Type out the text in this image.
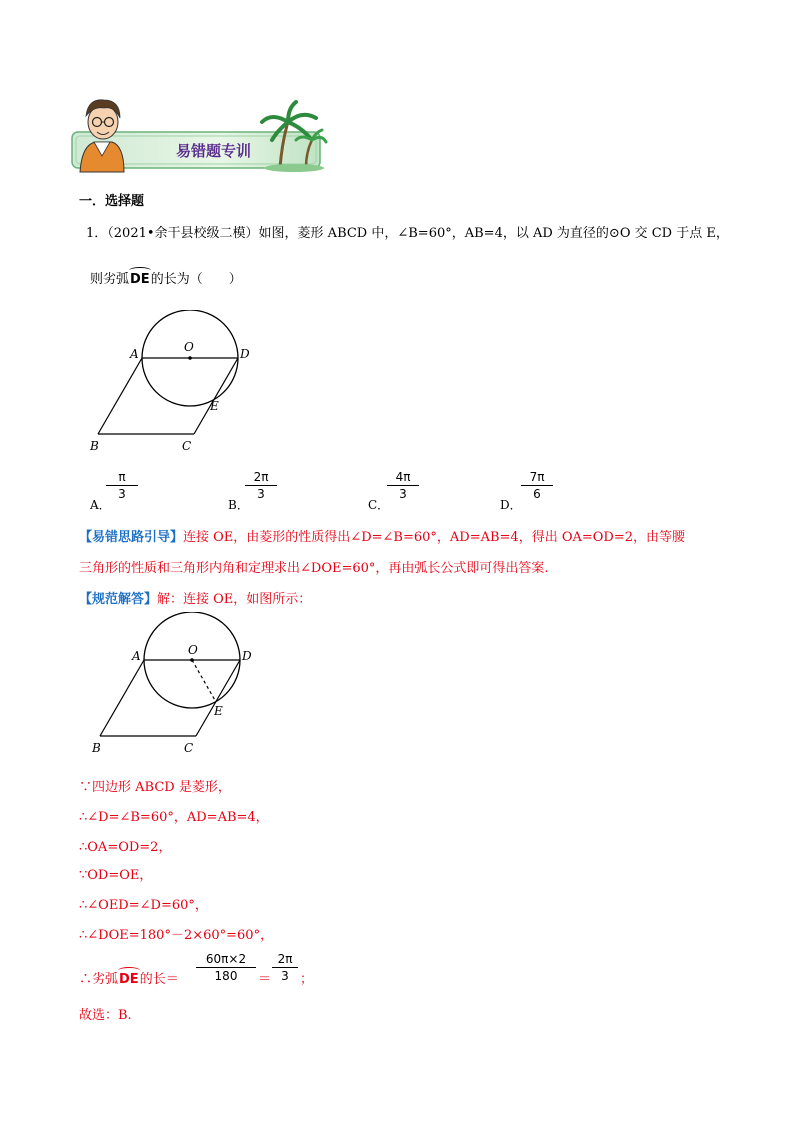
易错题专训
一．选择题
1．（2021•余干县校级二模）如图，菱形 ABCD 中，∠B=60°，AB=4，以 AD 为直径的⊙O 交 CD 于点 E，
则劣弧DE的长为（　　）
A	O	D
E
B	C
A．
$\frac{\pi}{3}$
B．
$\frac{2\pi}{3}$
C．
$\frac{4\pi}{3}$
D．
$\frac{7\pi}{6}$
【易错思路引导】连接 OE，由菱形的性质得出∠D=∠B=60°，AD=AB=4，得出 OA=OD=2，由等腰
三角形的性质和三角形内角和定理求出∠DOE=60°，再由弧长公式即可得出答案.
【规范解答】解：连接 OE，如图所示：
A	O	D
E
B	C
∵四边形 ABCD 是菱形，
∴∠D=∠B=60°，AD=AB=4，
∴OA=OD=2，
∵OD=OE，
∴∠OED=∠D=60°，
∴∠DOE=180°－2×60°=60°，
∴劣弧DE的长＝ $\frac{60\pi\times 2}{180} = \frac{2\pi}{3}$ ；
故选：B.
